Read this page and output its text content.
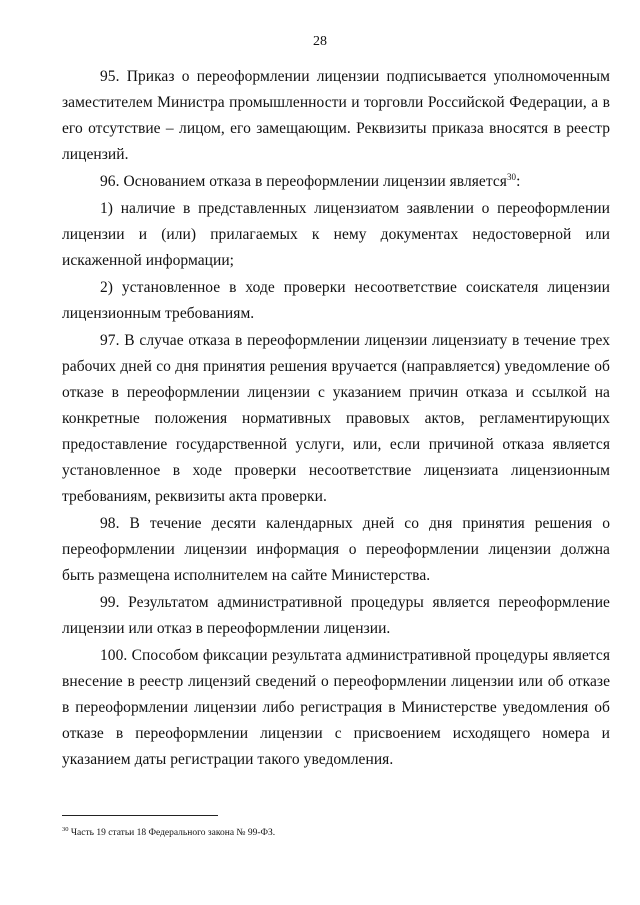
28

95. Приказ о переоформлении лицензии подписывается уполномоченным заместителем Министра промышленности и торговли Российской Федерации, а в его отсутствие – лицом, его замещающим. Реквизиты приказа вносятся в реестр лицензий.

96. Основанием отказа в переоформлении лицензии является$^{30}$:

1) наличие в представленных лицензиатом заявлении о переоформлении лицензии и (или) прилагаемых к нему документах недостоверной или искаженной информации;

2) установленное в ходе проверки несоответствие соискателя лицензии лицензионным требованиям.

97. В случае отказа в переоформлении лицензии лицензиату в течение трех рабочих дней со дня принятия решения вручается (направляется) уведомление об отказе в переоформлении лицензии с указанием причин отказа и ссылкой на конкретные положения нормативных правовых актов, регламентирующих предоставление государственной услуги, или, если причиной отказа является установленное в ходе проверки несоответствие лицензиата лицензионным требованиям, реквизиты акта проверки.

98. В течение десяти календарных дней со дня принятия решения о переоформлении лицензии информация о переоформлении лицензии должна быть размещена исполнителем на сайте Министерства.

99. Результатом административной процедуры является переоформление лицензии или отказ в переоформлении лицензии.

100. Способом фиксации результата административной процедуры является внесение в реестр лицензий сведений о переоформлении лицензии или об отказе в переоформлении лицензии либо регистрация в Министерстве уведомления об отказе в переоформлении лицензии с присвоением исходящего номера и указанием даты регистрации такого уведомления.

$^{30}$ Часть 19 статьи 18 Федерального закона № 99-ФЗ.
